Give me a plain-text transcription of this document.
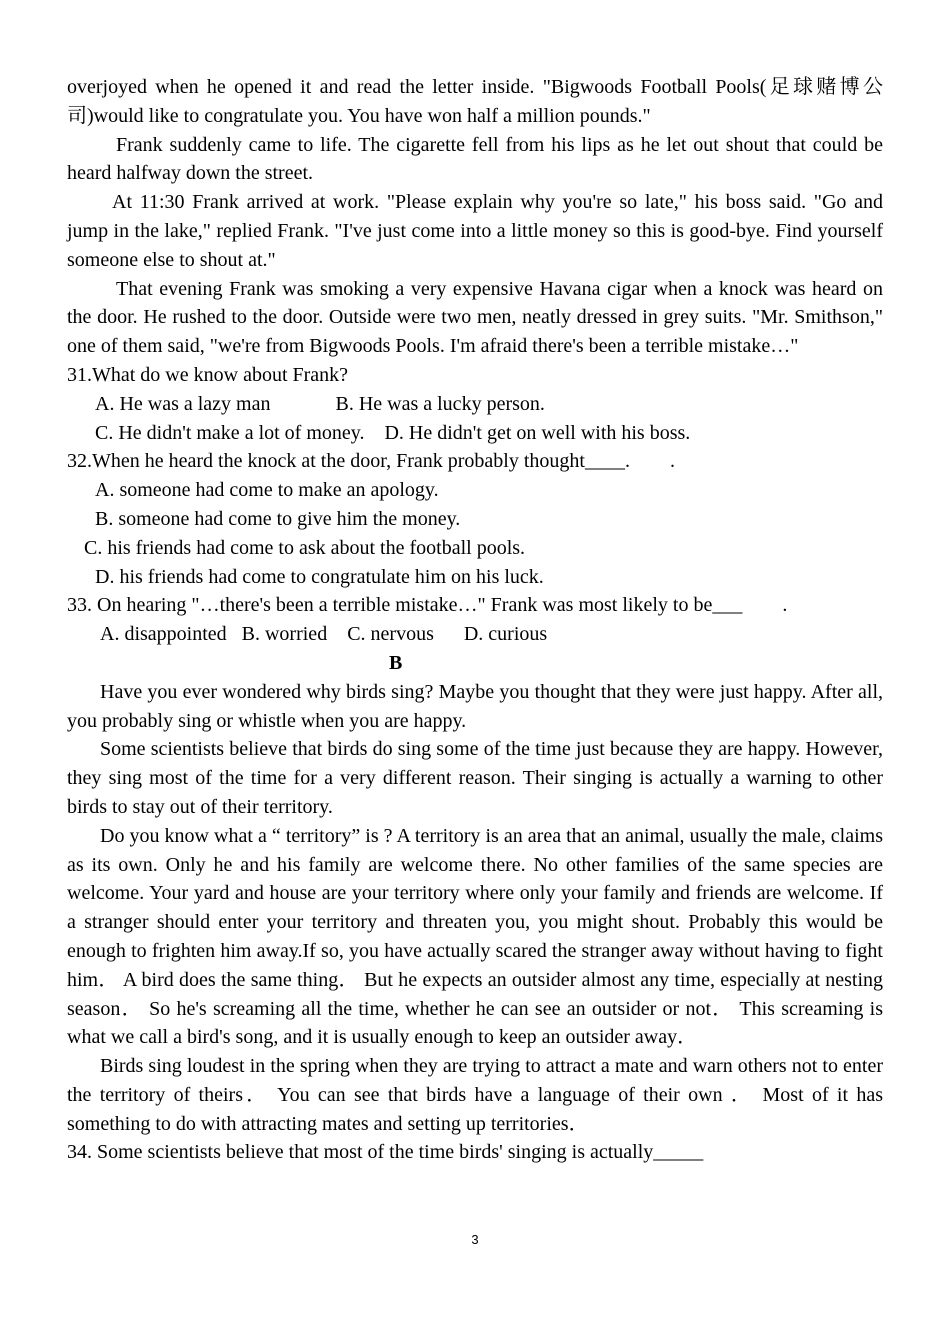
overjoyed when he opened it and read the letter inside. "Bigwoods Football Pools(足球赌博公司)would like to congratulate you. You have won half a million pounds."

Frank suddenly came to life. The cigarette fell from his lips as he let out shout that could be heard halfway down the street.

At 11:30 Frank arrived at work. "Please explain why you're so late," his boss said. "Go and jump in the lake," replied Frank. "I've just come into a little money so this is good-bye. Find yourself someone else to shout at."

That evening Frank was smoking a very expensive Havana cigar when a knock was heard on the door. He rushed to the door. Outside were two men, neatly dressed in grey suits. "Mr. Smithson," one of them said, "we're from Bigwoods Pools. I'm afraid there's been a terrible mistake…"

31.What do we know about Frank?

A. He was a lazy man             B. He was a lucky person.

C. He didn't make a lot of money.    D. He didn't get on well with his boss.

32.When he heard the knock at the door, Frank probably thought____.        .

A. someone had come to make an apology.

B. someone had come to give him the money.

C. his friends had come to ask about the football pools.

D. his friends had come to congratulate him on his luck.

33. On hearing "…there's been a terrible mistake…" Frank was most likely to be___        .

A. disappointed   B. worried    C. nervous      D. curious

B

Have you ever wondered why birds sing? Maybe you thought that they were just happy. After all, you probably sing or whistle when you are happy.

Some scientists believe that birds do sing some of the time just because they are happy. However, they sing most of the time for a very different reason. Their singing is actually a warning to other birds to stay out of their territory.

Do you know what a “ territory” is ? A territory is an area that an animal, usually the male, claims as its own. Only he and his family are welcome there. No other families of the same species are welcome. Your yard and house are your territory where only your family and friends are welcome. If a stranger should enter your territory and threaten you, you might shout. Probably this would be enough to frighten him away.If so, you have actually scared the stranger away without having to fight him． A bird does the same thing． But he expects an outsider almost any time, especially at nesting season． So he's screaming all the time, whether he can see an outsider or not． This screaming is what we call a bird's song, and it is usually enough to keep an outsider away．

Birds sing loudest in the spring when they are trying to attract a mate and warn others not to enter the territory of theirs． You can see that birds have a language of their own ． Most of it has something to do with attracting mates and setting up territories．

34. Some scientists believe that most of the time birds' singing is actually_____

3
